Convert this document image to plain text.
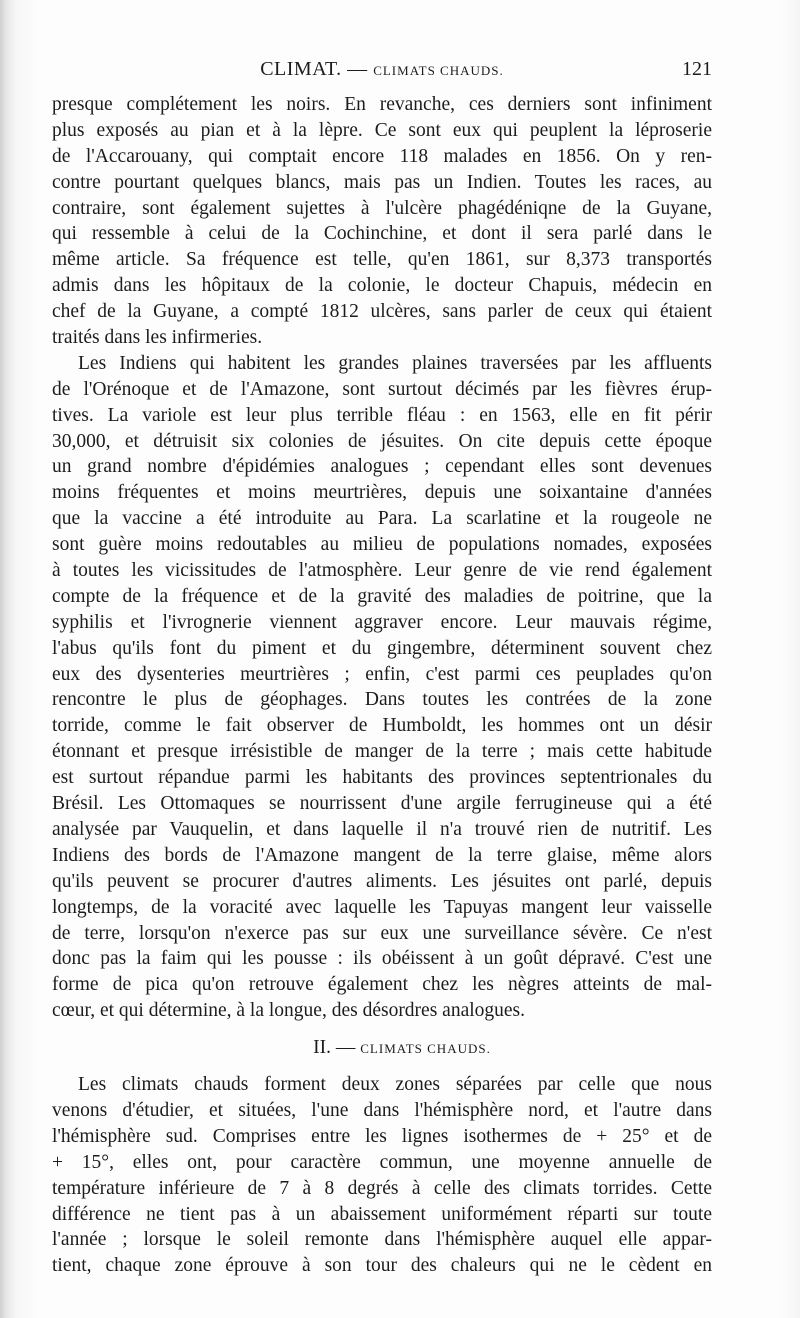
CLIMAT. — CLIMATS CHAUDS.	121
presque complétement les noirs. En revanche, ces derniers sont infiniment
plus exposés au pian et à la lèpre. Ce sont eux qui peuplent la léproserie
de l'Accarouany, qui comptait encore 118 malades en 1856. On y ren-
contre pourtant quelques blancs, mais pas un Indien. Toutes les races, au
contraire, sont également sujettes à l'ulcère phagédéniqne de la Guyane,
qui ressemble à celui de la Cochinchine, et dont il sera parlé dans le
même article. Sa fréquence est telle, qu'en 1861, sur 8,373 transportés
admis dans les hôpitaux de la colonie, le docteur Chapuis, médecin en
chef de la Guyane, a compté 1812 ulcères, sans parler de ceux qui étaient
traités dans les infirmeries.
Les Indiens qui habitent les grandes plaines traversées par les affluents
de l'Orénoque et de l'Amazone, sont surtout décimés par les fièvres érup-
tives. La variole est leur plus terrible fléau : en 1563, elle en fit périr
30,000, et détruisit six colonies de jésuites. On cite depuis cette époque
un grand nombre d'épidémies analogues ; cependant elles sont devenues
moins fréquentes et moins meurtrières, depuis une soixantaine d'années
que la vaccine a été introduite au Para. La scarlatine et la rougeole ne
sont guère moins redoutables au milieu de populations nomades, exposées
à toutes les vicissitudes de l'atmosphère. Leur genre de vie rend également
compte de la fréquence et de la gravité des maladies de poitrine, que la
syphilis et l'ivrognerie viennent aggraver encore. Leur mauvais régime,
l'abus qu'ils font du piment et du gingembre, déterminent souvent chez
eux des dysenteries meurtrières ; enfin, c'est parmi ces peuplades qu'on
rencontre le plus de géophages. Dans toutes les contrées de la zone
torride, comme le fait observer de Humboldt, les hommes ont un désir
étonnant et presque irrésistible de manger de la terre ; mais cette habitude
est surtout répandue parmi les habitants des provinces septentrionales du
Brésil. Les Ottomaques se nourrissent d'une argile ferrugineuse qui a été
analysée par Vauquelin, et dans laquelle il n'a trouvé rien de nutritif. Les
Indiens des bords de l'Amazone mangent de la terre glaise, même alors
qu'ils peuvent se procurer d'autres aliments. Les jésuites ont parlé, depuis
longtemps, de la voracité avec laquelle les Tapuyas mangent leur vaisselle
de terre, lorsqu'on n'exerce pas sur eux une surveillance sévère. Ce n'est
donc pas la faim qui les pousse : ils obéissent à un goût dépravé. C'est une
forme de pica qu'on retrouve également chez les nègres atteints de mal-
cœur, et qui détermine, à la longue, des désordres analogues.
II. — CLIMATS CHAUDS.
Les climats chauds forment deux zones séparées par celle que nous
venons d'étudier, et situées, l'une dans l'hémisphère nord, et l'autre dans
l'hémisphère sud. Comprises entre les lignes isothermes de + 25° et de
+ 15°, elles ont, pour caractère commun, une moyenne annuelle de
température inférieure de 7 à 8 degrés à celle des climats torrides. Cette
différence ne tient pas à un abaissement uniformément réparti sur toute
l'année ; lorsque le soleil remonte dans l'hémisphère auquel elle appar-
tient, chaque zone éprouve à son tour des chaleurs qui ne le cèdent en
